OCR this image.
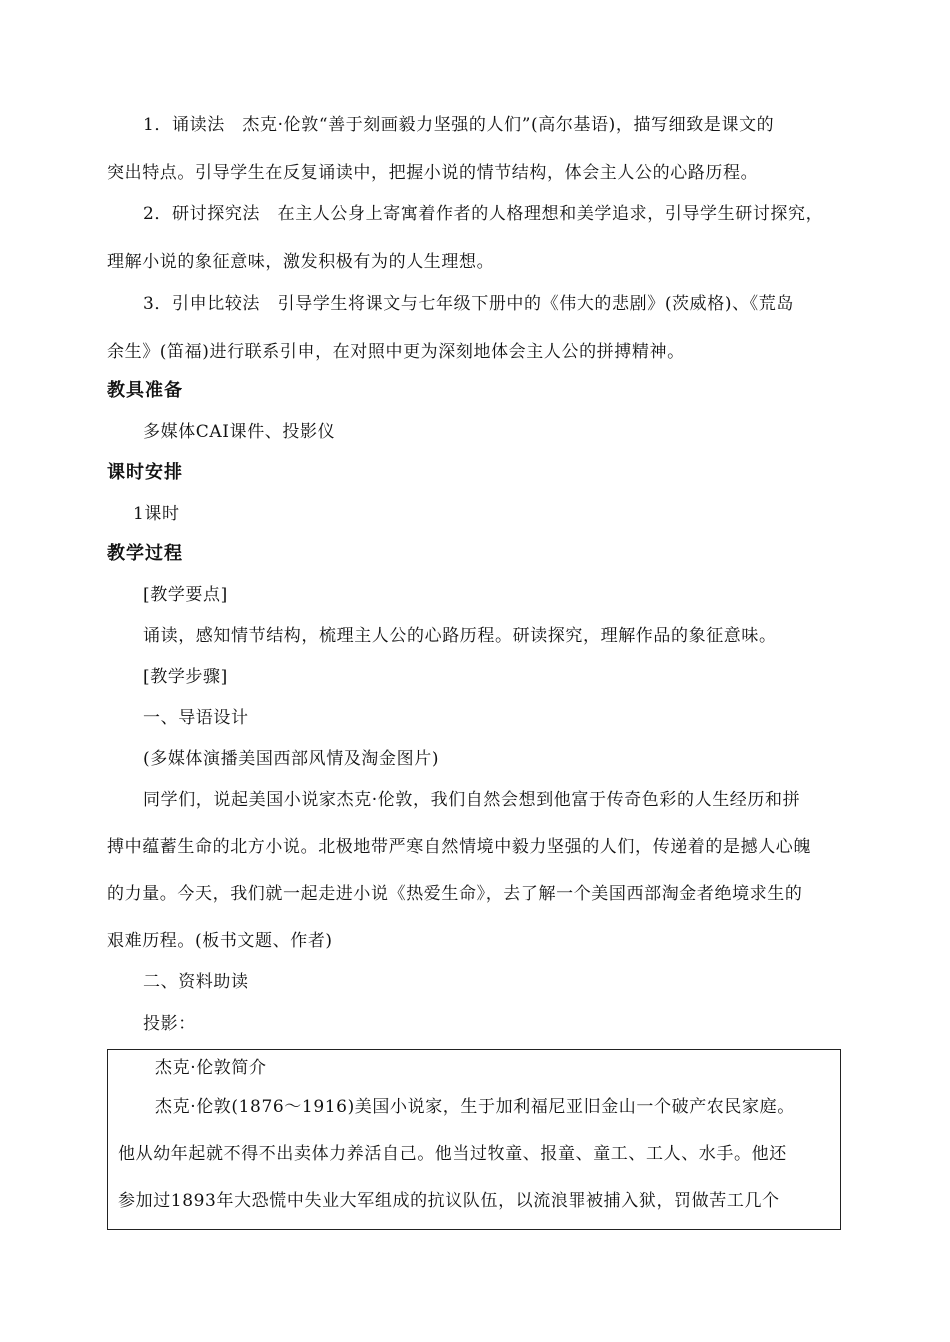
1．诵读法　杰克·伦敦“善于刻画毅力坚强的人们”(高尔基语)，描写细致是课文的
突出特点。引导学生在反复诵读中，把握小说的情节结构，体会主人公的心路历程。
2．研讨探究法　在主人公身上寄寓着作者的人格理想和美学追求，引导学生研讨探究，
理解小说的象征意味，激发积极有为的人生理想。
3．引申比较法　引导学生将课文与七年级下册中的《伟大的悲剧》(茨威格)、《荒岛
余生》(笛福)进行联系引申，在对照中更为深刻地体会主人公的拼搏精神。
教具准备
多媒体CAI课件、投影仪
课时安排
1课时
教学过程
[教学要点]
诵读，感知情节结构，梳理主人公的心路历程。研读探究，理解作品的象征意味。
[教学步骤]
一、导语设计
(多媒体演播美国西部风情及淘金图片)
同学们，说起美国小说家杰克·伦敦，我们自然会想到他富于传奇色彩的人生经历和拼
搏中蕴蓄生命的北方小说。北极地带严寒自然情境中毅力坚强的人们，传递着的是撼人心魄
的力量。今天，我们就一起走进小说《热爱生命》，去了解一个美国西部淘金者绝境求生的
艰难历程。(板书文题、作者)
二、资料助读
投影：
杰克·伦敦简介
杰克·伦敦(1876～1916)美国小说家，生于加利福尼亚旧金山一个破产农民家庭。
他从幼年起就不得不出卖体力养活自己。他当过牧童、报童、童工、工人、水手。他还
参加过1893年大恐慌中失业大军组成的抗议队伍，以流浪罪被捕入狱，罚做苦工几个
